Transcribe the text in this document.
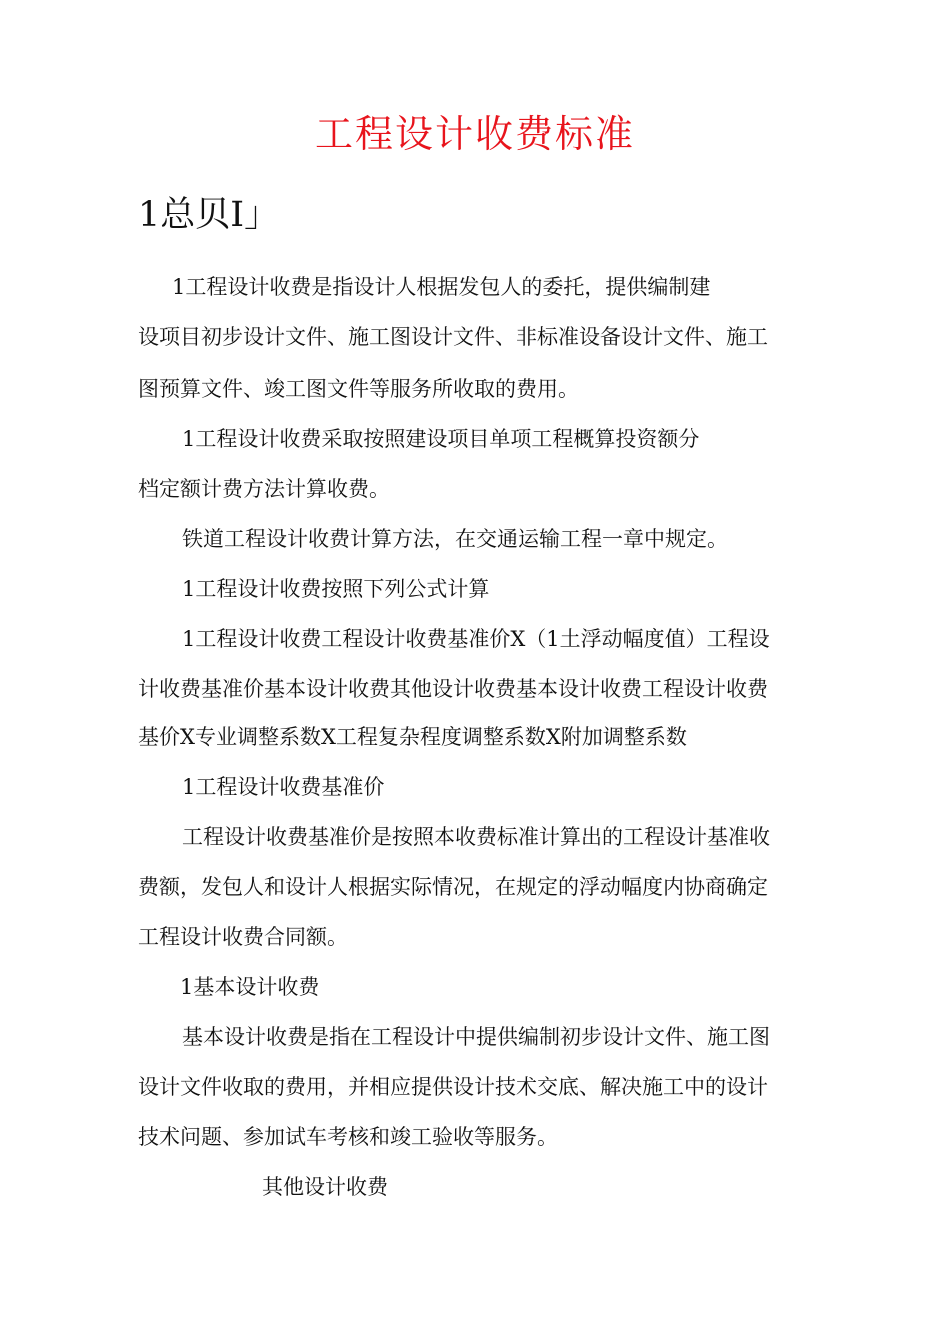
工程设计收费标准
1总贝I」
1工程设计收费是指设计人根据发包人的委托，提供编制建
设项目初步设计文件、施工图设计文件、非标准设备设计文件、施工
图预算文件、竣工图文件等服务所收取的费用。
1工程设计收费采取按照建设项目单项工程概算投资额分
档定额计费方法计算收费。
铁道工程设计收费计算方法，在交通运输工程一章中规定。
1工程设计收费按照下列公式计算
1工程设计收费工程设计收费基准价X（1土浮动幅度值）工程设
计收费基准价基本设计收费其他设计收费基本设计收费工程设计收费
基价X专业调整系数X工程复杂程度调整系数X附加调整系数
1工程设计收费基准价
工程设计收费基准价是按照本收费标准计算出的工程设计基准收
费额，发包人和设计人根据实际情况，在规定的浮动幅度内协商确定
工程设计收费合同额。
1基本设计收费
基本设计收费是指在工程设计中提供编制初步设计文件、施工图
设计文件收取的费用，并相应提供设计技术交底、解决施工中的设计
技术问题、参加试车考核和竣工验收等服务。
其他设计收费
